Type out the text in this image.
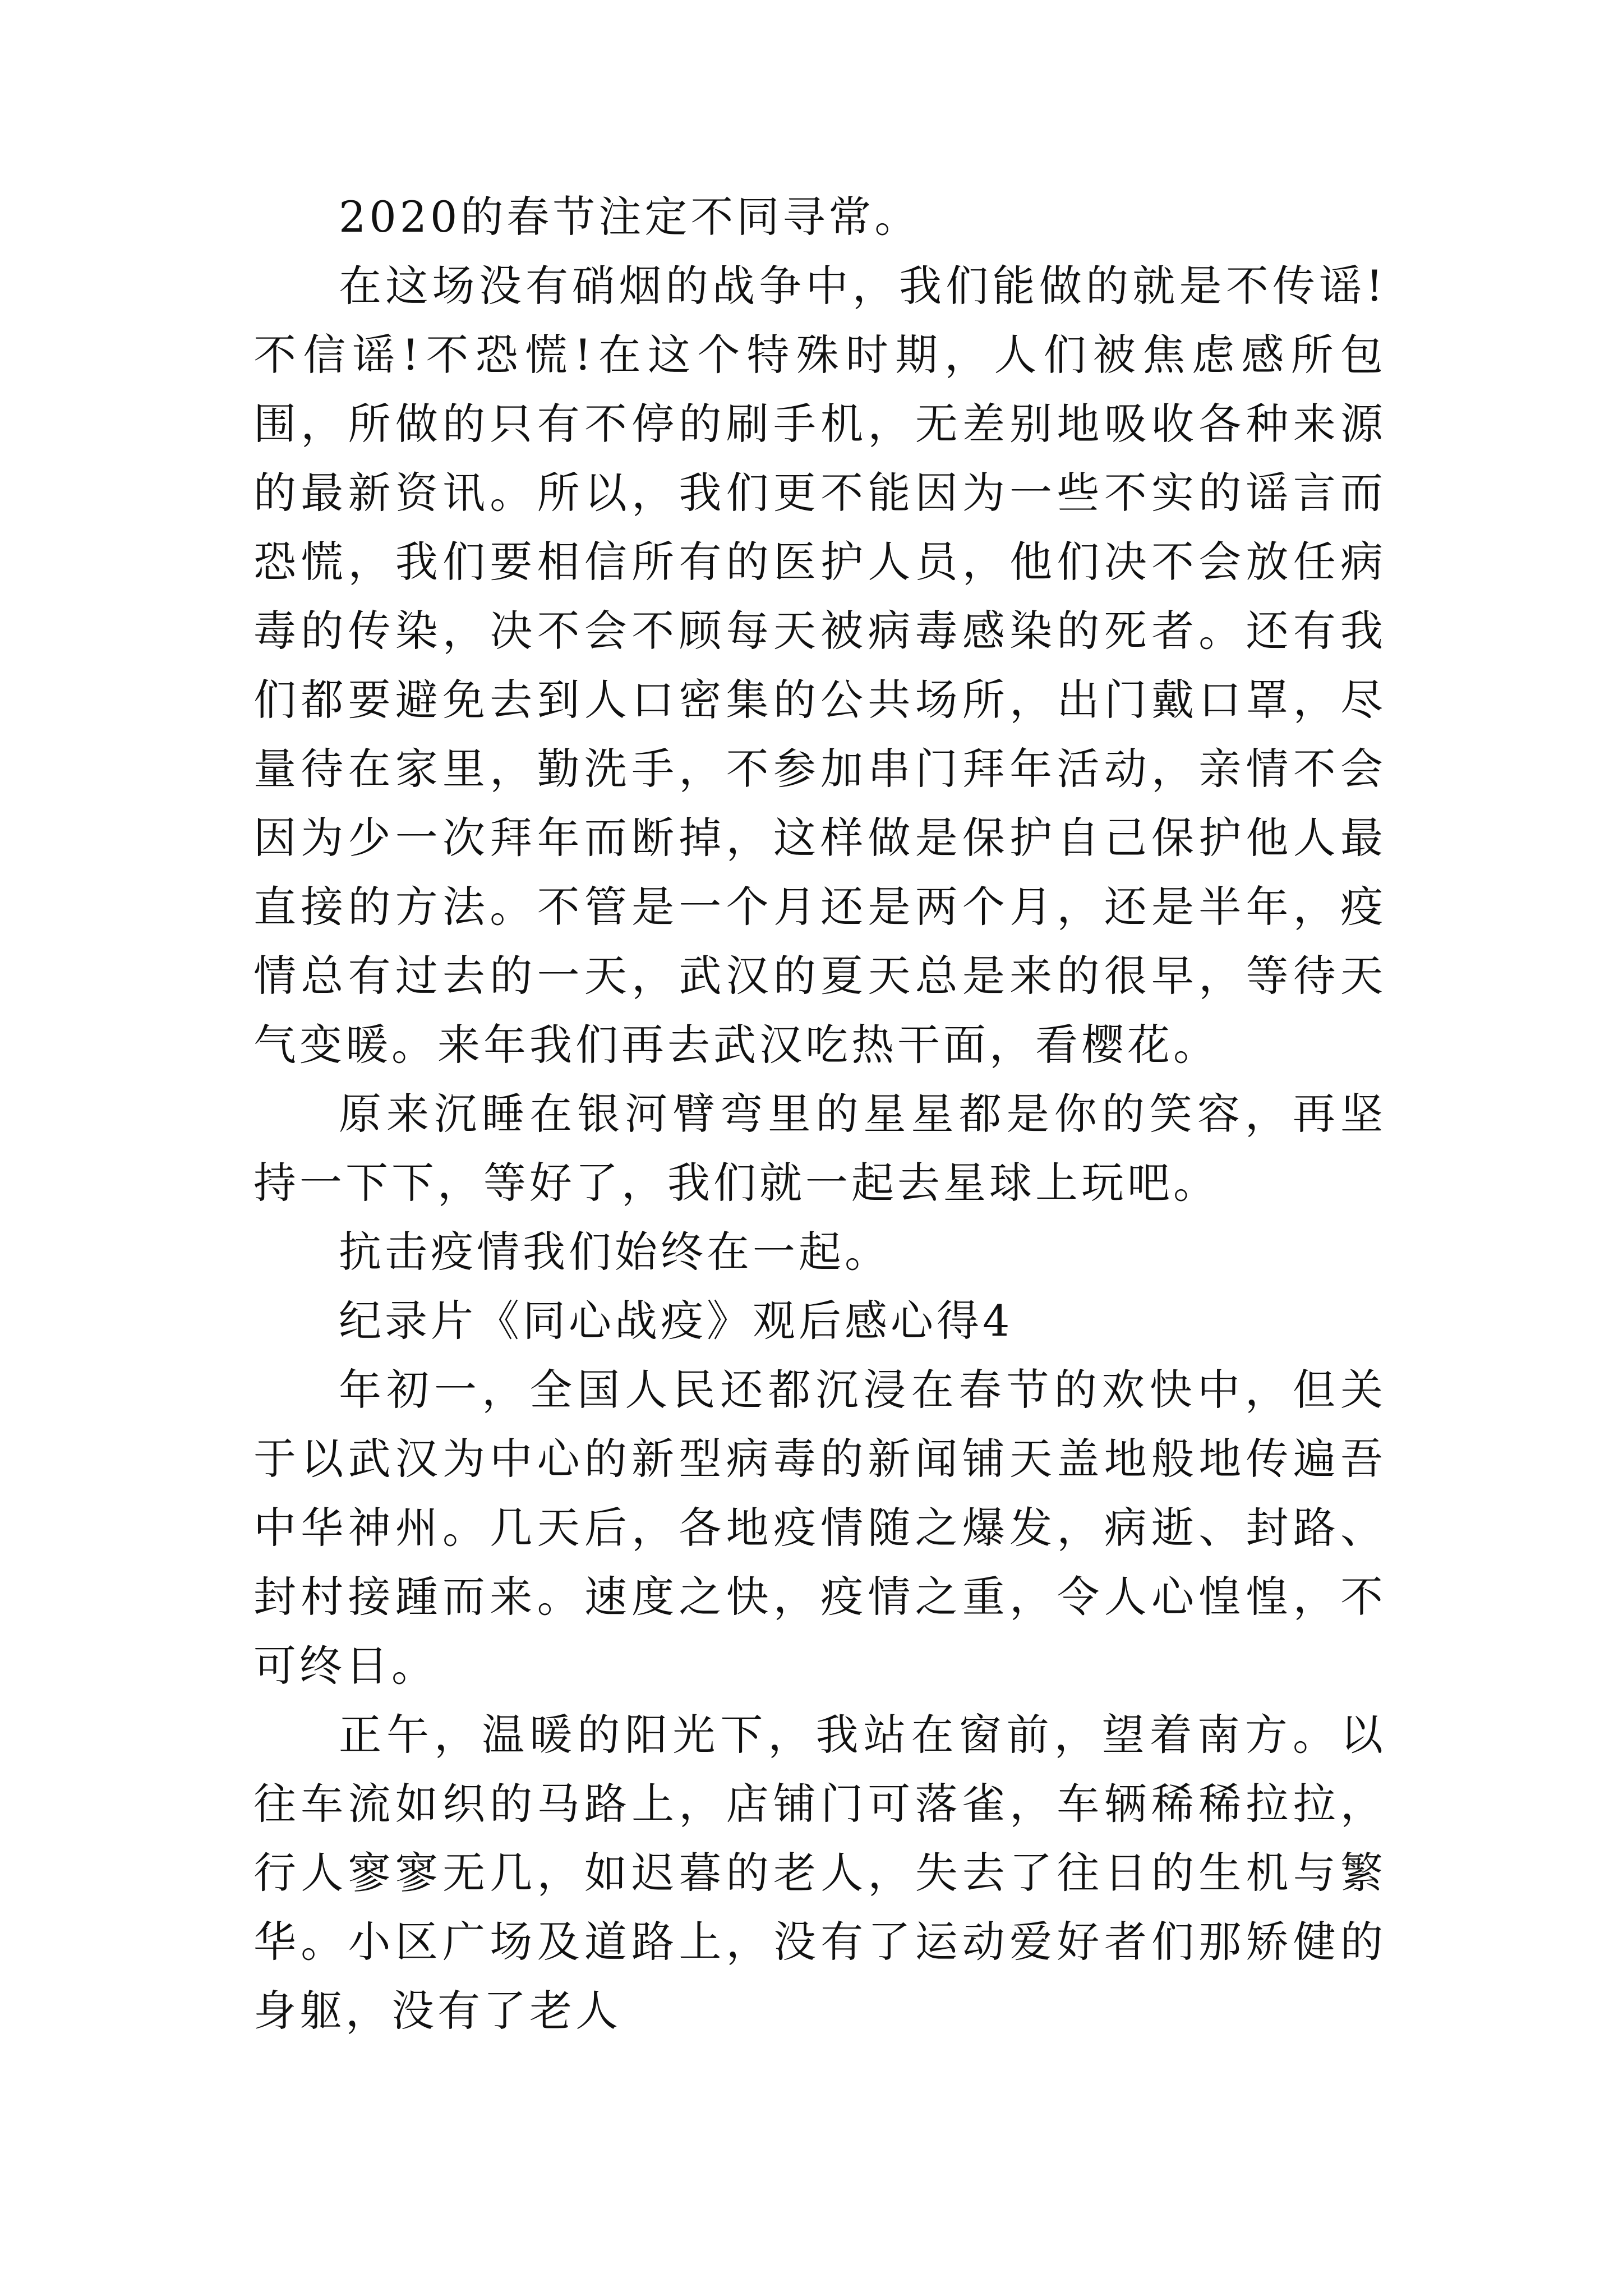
2020的春节注定不同寻常。

在这场没有硝烟的战争中，我们能做的就是不传谣!不信谣!不恐慌!在这个特殊时期，人们被焦虑感所包围，所做的只有不停的刷手机，无差别地吸收各种来源的最新资讯。所以，我们更不能因为一些不实的谣言而恐慌，我们要相信所有的医护人员，他们决不会放任病毒的传染，决不会不顾每天被病毒感染的死者。还有我们都要避免去到人口密集的公共场所，出门戴口罩，尽量待在家里，勤洗手，不参加串门拜年活动，亲情不会因为少一次拜年而断掉，这样做是保护自己保护他人最直接的方法。不管是一个月还是两个月，还是半年，疫情总有过去的一天，武汉的夏天总是来的很早，等待天气变暖。来年我们再去武汉吃热干面，看樱花。

原来沉睡在银河臂弯里的星星都是你的笑容，再坚持一下下，等好了，我们就一起去星球上玩吧。

抗击疫情我们始终在一起。

纪录片《同心战疫》观后感心得4

年初一，全国人民还都沉浸在春节的欢快中，但关于以武汉为中心的新型病毒的新闻铺天盖地般地传遍吾中华神州。几天后，各地疫情随之爆发，病逝、封路、封村接踵而来。速度之快，疫情之重，令人心惶惶，不可终日。

正午，温暖的阳光下，我站在窗前，望着南方。以往车流如织的马路上，店铺门可落雀，车辆稀稀拉拉，行人寥寥无几，如迟暮的老人，失去了往日的生机与繁华。小区广场及道路上，没有了运动爱好者们那矫健的身躯，没有了老人
